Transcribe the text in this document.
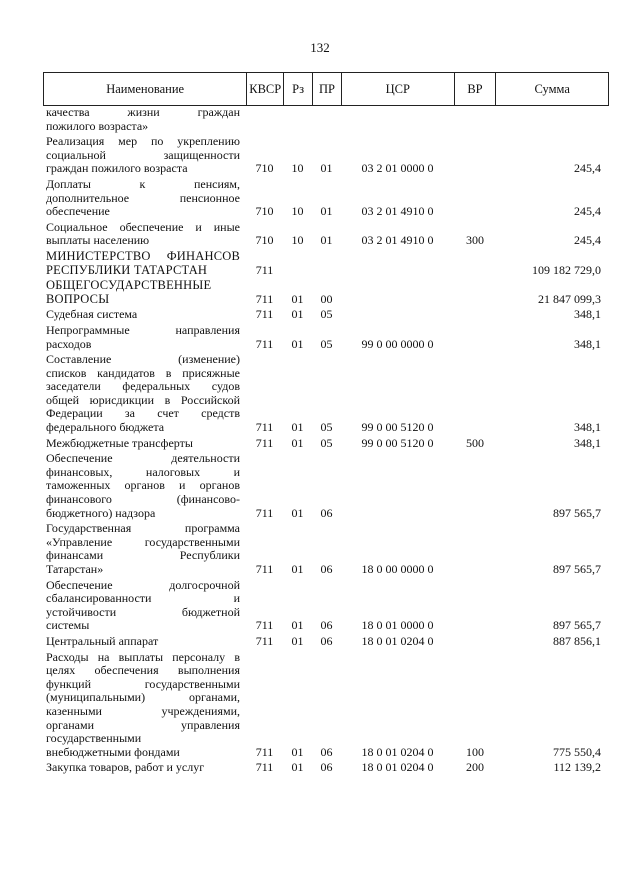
132
Наименование	КВСР Рз	ПР	ЦСР	ВР	Сумма
качества жизни граждан
пожилого возраста»
Реализация мер по укреплению
социальной защищенности
граждан пожилого возраста	710	10	01	03 2 01 0000 0	245,4
Доплаты к пенсиям,
дополнительное пенсионное
обеспечение	710	10	01	03 2 01 4910 0	245,4
Социальное обеспечение и иные
выплаты населению	710	10	01	03 2 01 4910 0	300	245,4
МИНИСТЕРСТВО ФИНАНСОВ
РЕСПУБЛИКИ ТАТАРСТАН	711	109 182 729,0
ОБЩЕГОСУДАРСТВЕННЫЕ
ВОПРОСЫ	711	01	00	21 847 099,3
Судебная система	711	01	05	348,1
Непрограммные направления
расходов	711	01	05	99 0 00 0000 0	348,1
Составление (изменение)
списков кандидатов в присяжные
заседатели федеральных судов
общей юрисдикции в Российской
Федерации за счет средств
федерального бюджета	711	01	05	99 0 00 5120 0	348,1
Межбюджетные трансферты	711	01	05	99 0 00 5120 0	500	348,1
Обеспечение деятельности
финансовых, налоговых и
таможенных органов и органов
финансового (финансово-
бюджетного) надзора	711	01	06	897 565,7
Государственная программа
«Управление государственными
финансами Республики
Татарстан»	711	01	06	18 0 00 0000 0	897 565,7
Обеспечение долгосрочной
сбалансированности и
устойчивости бюджетной
системы	711	01	06	18 0 01 0000 0	897 565,7
Центральный аппарат	711	01	06	18 0 01 0204 0	887 856,1
Расходы на выплаты персоналу в
целях обеспечения выполнения
функций государственными
(муниципальными) органами,
казенными учреждениями,
органами управления
государственными
внебюджетными фондами	711	01	06	18 0 01 0204 0	100	775 550,4
Закупка товаров, работ и услуг	711	01	06	18 0 01 0204 0	200	112 139,2
